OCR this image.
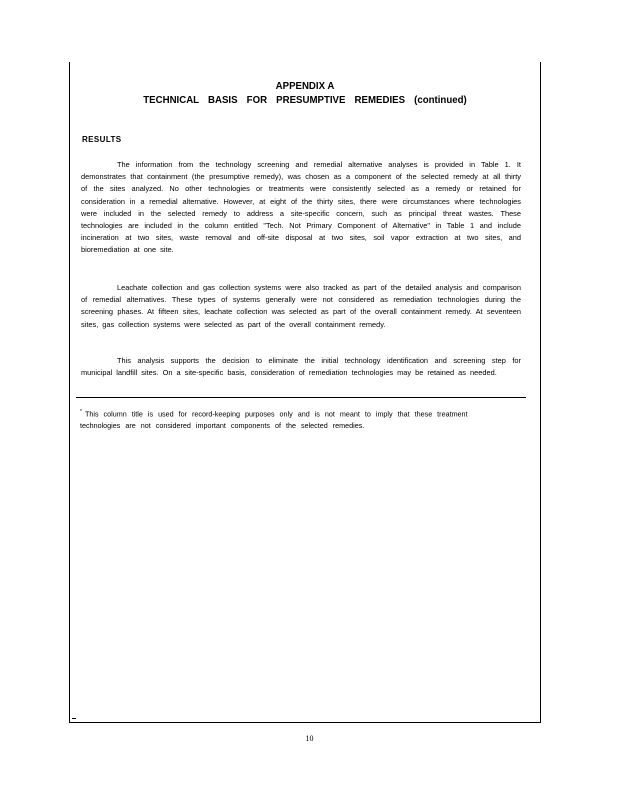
APPENDIX A
TECHNICAL BASIS FOR PRESUMPTIVE REMEDIES (continued)
RESULTS

The information from the technology screening and remedial alternative analyses is provided in Table 1. It demonstrates that containment (the presumptive remedy), was chosen as a component of the selected remedy at all thirty of the sites analyzed. No other technologies or treatments were consistently selected as a remedy or retained for consideration in a remedial alternative. However, at eight of the thirty sites, there were circumstances where technologies were included in the selected remedy to address a site-specific concern, such as principal threat wastes. These technologies are included in the column entitled "Tech. Not Primary Component of Alternative" in Table 1 and include incineration at two sites, waste removal and off-site disposal at two sites, soil vapor extraction at two sites, and bioremediation at one site.

Leachate collection and gas collection systems were also tracked as part of the detailed analysis and comparison of remedial alternatives. These types of systems generally were not considered as remediation technologies during the screening phases. At fifteen sites, leachate collection was selected as part of the overall containment remedy. At seventeen sites, gas collection systems were selected as part of the overall containment remedy.

This analysis supports the decision to eliminate the initial technology identification and screening step for municipal landfill sites. On a site-specific basis, consideration of remediation technologies may be retained as needed.

* This column title is used for record-keeping purposes only and is not meant to imply that these treatment technologies are not considered important components of the selected remedies.
10
